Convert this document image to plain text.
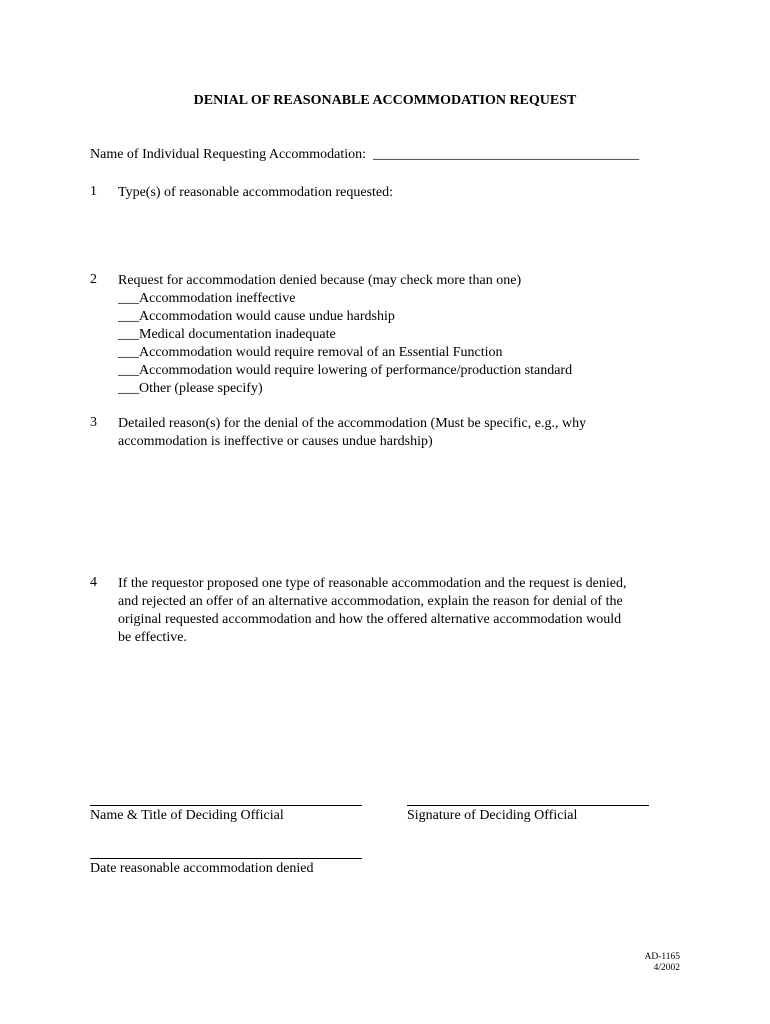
DENIAL OF REASONABLE ACCOMMODATION REQUEST
Name of Individual Requesting Accommodation: ______________________________________
1 Type(s) of reasonable accommodation requested:
2 Request for accommodation denied because (may check more than one)
___Accommodation ineffective
___Accommodation would cause undue hardship
___Medical documentation inadequate
___Accommodation would require removal of an Essential Function
___Accommodation would require lowering of performance/production standard
___Other (please specify)
3 Detailed reason(s) for the denial of the accommodation (Must be specific, e.g., why
accommodation is ineffective or causes undue hardship)
4 If the requestor proposed one type of reasonable accommodation and the request is denied,
and rejected an offer of an alternative accommodation, explain the reason for denial of the
original requested accommodation and how the offered alternative accommodation would
be effective.
Name & Title of Deciding Official	Signature of Deciding Official
Date reasonable accommodation denied
AD-1165
4/2002
